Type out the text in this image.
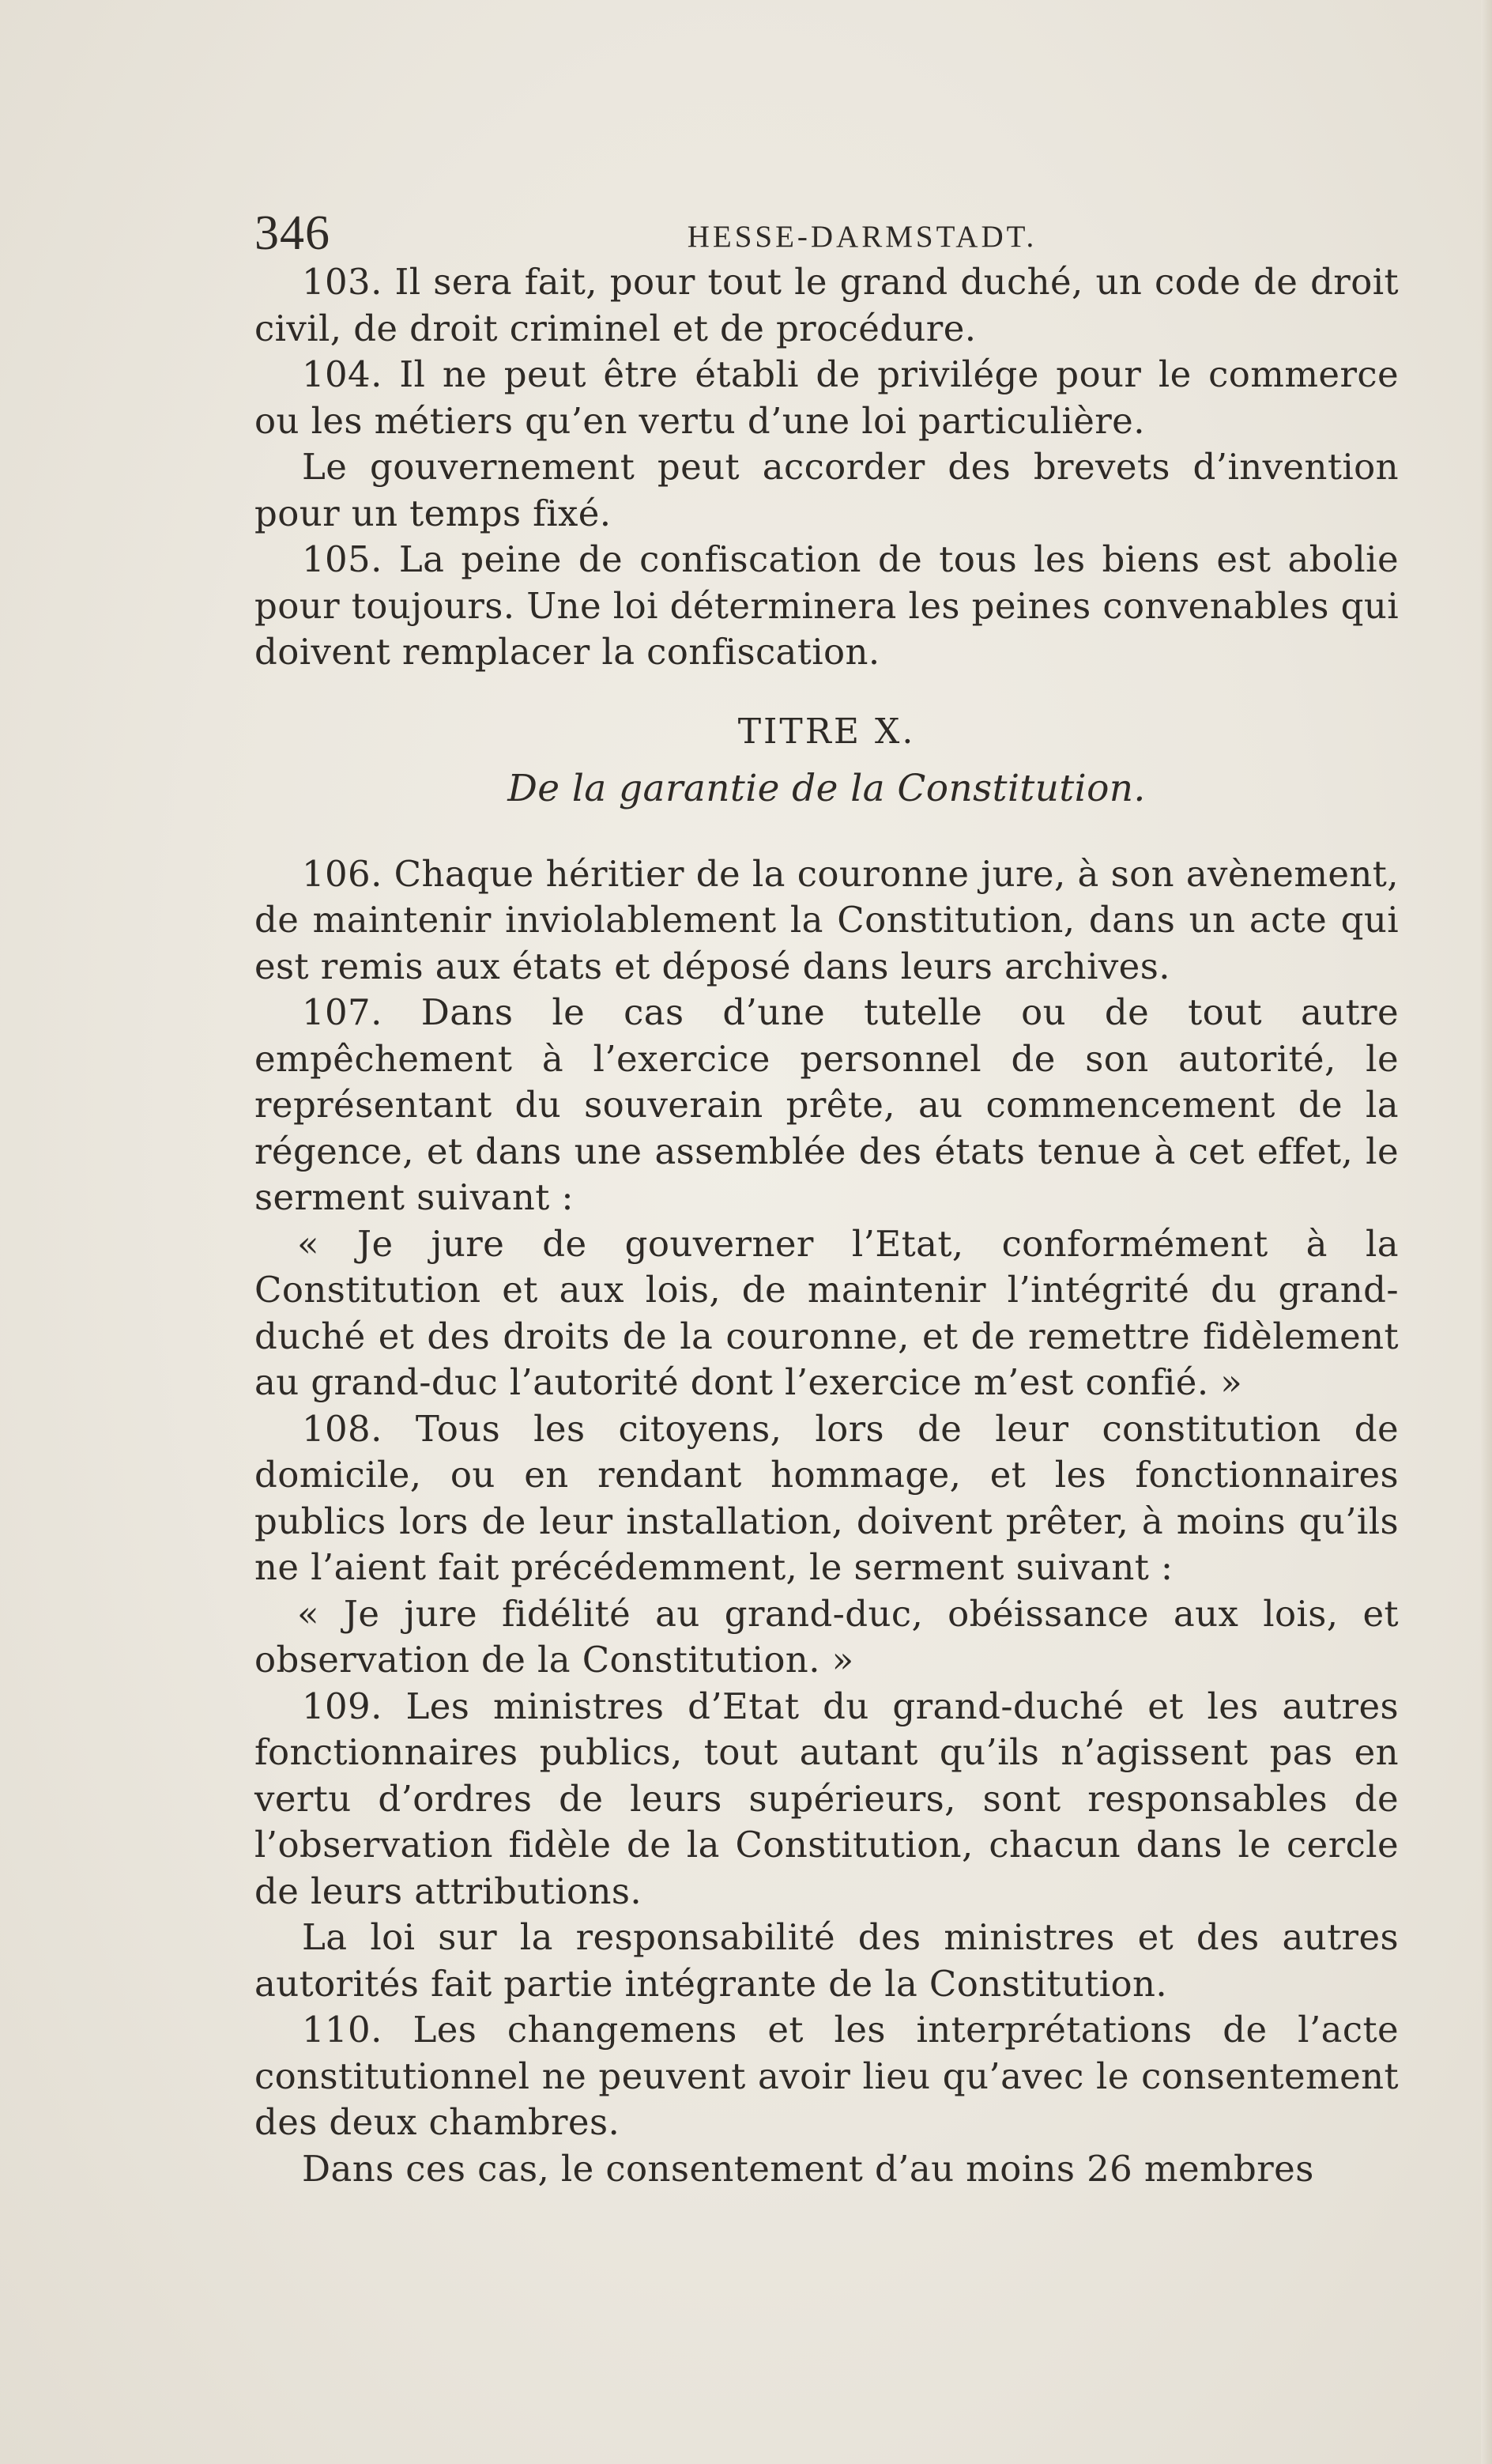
346	HESSE-DARMSTADT.

103. Il sera fait, pour tout le grand duché, un code de droit civil, de droit criminel et de procédure.

104. Il ne peut être établi de privilége pour le commerce ou les métiers qu’en vertu d’une loi particulière.

Le gouvernement peut accorder des brevets d’invention pour un temps fixé.

105. La peine de confiscation de tous les biens est abolie pour toujours. Une loi déterminera les peines convenables qui doivent remplacer la confiscation.

TITRE X.

De la garantie de la Constitution.

106. Chaque héritier de la couronne jure, à son avènement, de maintenir inviolablement la Constitution, dans un acte qui est remis aux états et déposé dans leurs archives.

107. Dans le cas d’une tutelle ou de tout autre empêchement à l’exercice personnel de son autorité, le représentant du souverain prête, au commencement de la régence, et dans une assemblée des états tenue à cet effet, le serment suivant :

« Je jure de gouverner l’Etat, conformément à la Constitution et aux lois, de maintenir l’intégrité du grand-duché et des droits de la couronne, et de remettre fidèlement au grand-duc l’autorité dont l’exercice m’est confié. »

108. Tous les citoyens, lors de leur constitution de domicile, ou en rendant hommage, et les fonctionnaires publics lors de leur installation, doivent prêter, à moins qu’ils ne l’aient fait précédemment, le serment suivant :

« Je jure fidélité au grand-duc, obéissance aux lois, et observation de la Constitution. »

109. Les ministres d’Etat du grand-duché et les autres fonctionnaires publics, tout autant qu’ils n’agissent pas en vertu d’ordres de leurs supérieurs, sont responsables de l’observation fidèle de la Constitution, chacun dans le cercle de leurs attributions.

La loi sur la responsabilité des ministres et des autres autorités fait partie intégrante de la Constitution.

110. Les changemens et les interprétations de l’acte constitutionnel ne peuvent avoir lieu qu’avec le consentement des deux chambres.

Dans ces cas, le consentement d’au moins 26 membres
